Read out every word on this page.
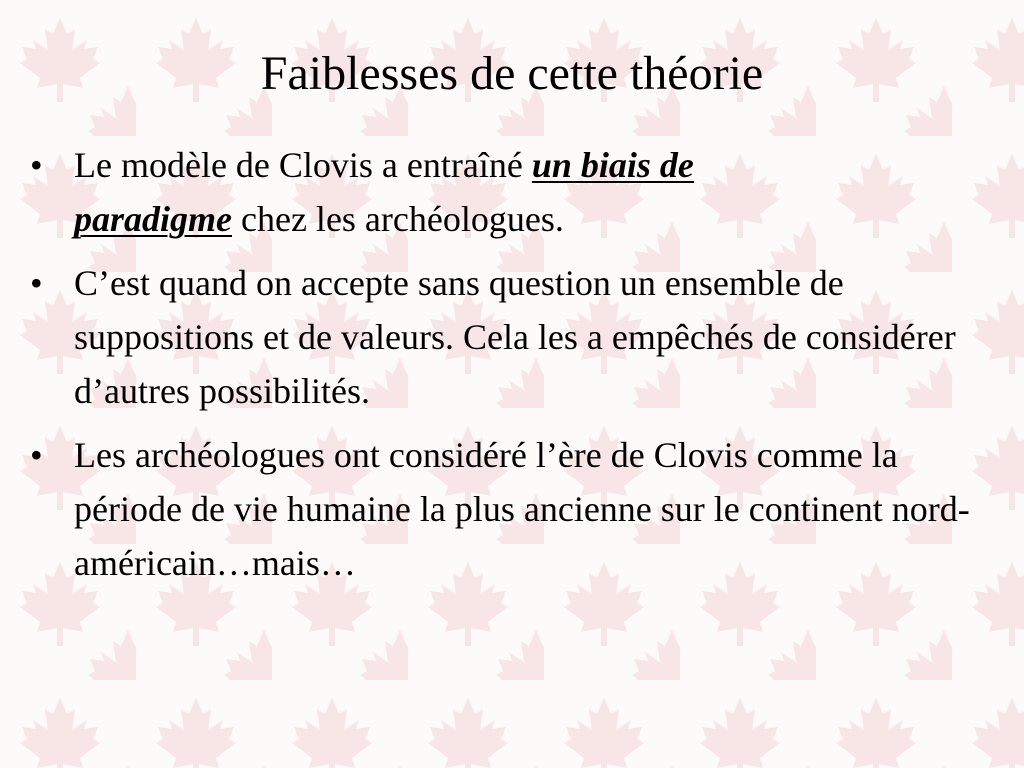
Faiblesses de cette théorie
• Le modèle de Clovis a entraîné un biais de
paradigme chez les archéologues.
• C’est quand on accepte sans question un ensemble de suppositions et de valeurs. Cela les a empêchés de considérer d’autres possibilités.
• Les archéologues ont considéré l’ère de Clovis comme la période de vie humaine la plus ancienne sur le continent nord-américain…mais…
